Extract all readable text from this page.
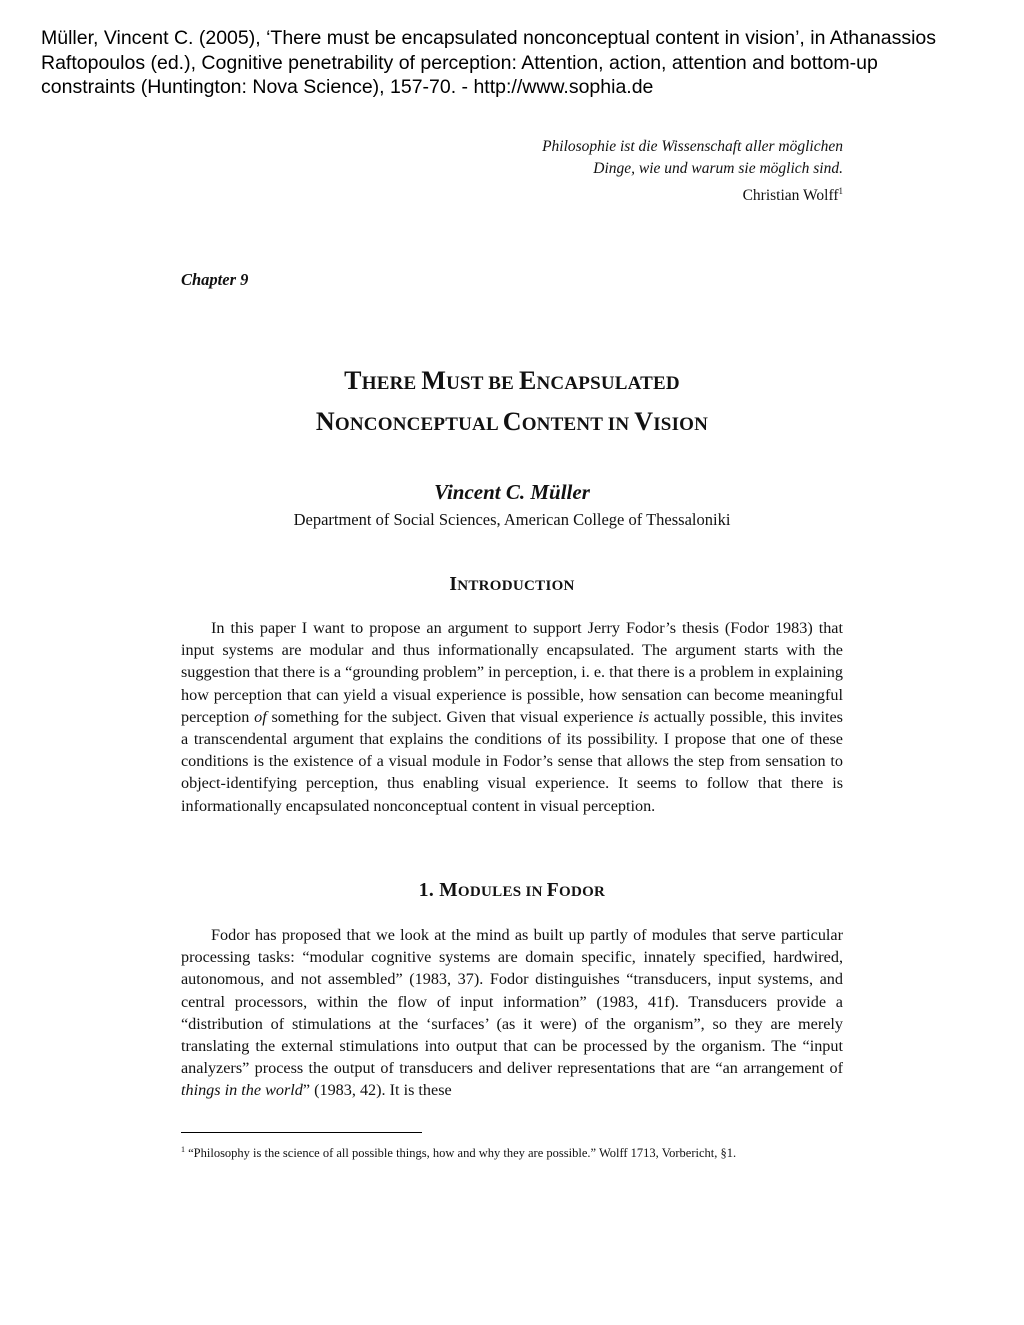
Müller, Vincent C. (2005), ‘There must be encapsulated nonconceptual content in vision’, in Athanassios
Raftopoulos (ed.), Cognitive penetrability of perception: Attention, action, attention and bottom-up
constraints (Huntington: Nova Science), 157-70. - http://www.sophia.de
Philosophie ist die Wissenschaft aller möglichen
Dinge, wie und warum sie möglich sind.
Christian Wolff$^1$
Chapter 9
THERE MUST BE ENCAPSULATED
NONCONCEPTUAL CONTENT IN VISION
Vincent C. Müller
Department of Social Sciences, American College of Thessaloniki
INTRODUCTION

In this paper I want to propose an argument to support Jerry Fodor’s thesis (Fodor 1983) that input systems are modular and thus informationally encapsulated. The argument starts with the suggestion that there is a “grounding problem” in perception, i. e. that there is a problem in explaining how perception that can yield a visual experience is possible, how sensation can become meaningful perception of something for the subject. Given that visual experience is actually possible, this invites a transcendental argument that explains the conditions of its possibility. I propose that one of these conditions is the existence of a visual module in Fodor’s sense that allows the step from sensation to object-identifying perception, thus enabling visual experience. It seems to follow that there is informationally encapsulated nonconceptual content in visual perception.

1. MODULES IN FODOR

Fodor has proposed that we look at the mind as built up partly of modules that serve particular processing tasks: “modular cognitive systems are domain specific, innately specified, hardwired, autonomous, and not assembled” (1983, 37). Fodor distinguishes “transducers, input systems, and central processors, within the flow of input information” (1983, 41f). Transducers provide a “distribution of stimulations at the ‘surfaces’ (as it were) of the organism”, so they are merely translating the external stimulations into output that can be processed by the organism. The “input analyzers” process the output of transducers and deliver representations that are “an arrangement of things in the world” (1983, 42). It is these

$^1$ “Philosophy is the science of all possible things, how and why they are possible.” Wolff 1713, Vorbericht, §1.
